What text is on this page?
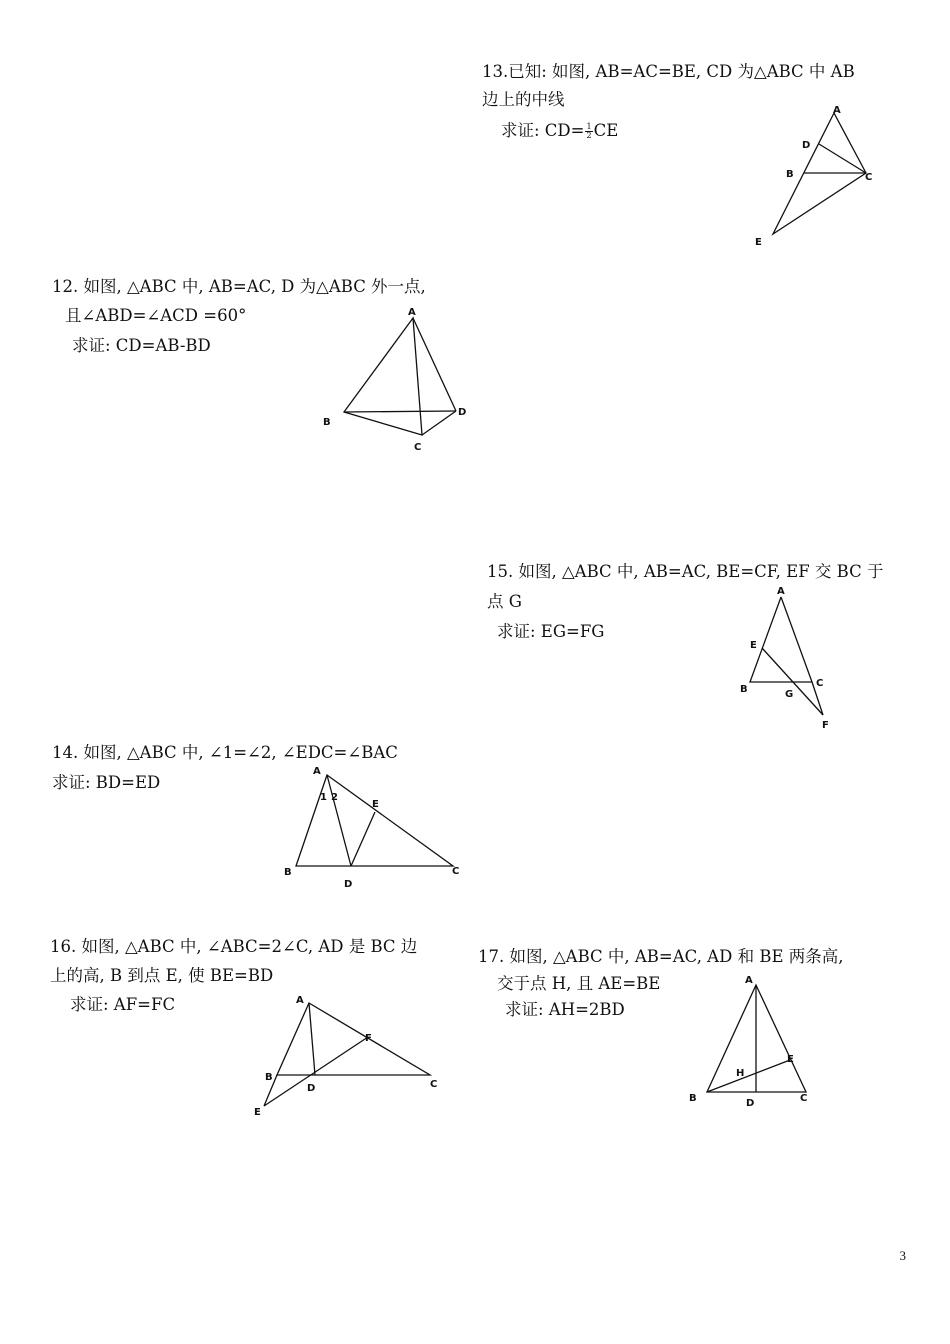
13.已知: 如图, AB=AC=BE, CD 为△ABC 中 AB
边上的中线
求证: $CD= \frac{1}{2}$ CE
A
B	C
D
E
12. 如图, △ABC 中, AB=AC, D 为△ABC 外一点,
且∠ABD=∠ACD =60°
求证: CD=AB-BD
A
B
C
D
15. 如图, △ABC 中, AB=AC, BE=CF, EF 交 BC 于
点 G
求证: EG=FG
A
B
C
E
F
G
14. 如图, △ABC 中, ∠1=∠2, ∠EDC=∠BAC
求证: BD=ED
A
1 2
E
B
D
C
16. 如图, △ABC 中, ∠ABC=2∠C, AD 是 BC 边
上的高, B 到点 E, 使 BE=BD
求证: AF=FC	A
B
D	C
F
E
17. 如图, △ABC 中, AB=AC, AD 和 BE 两条高,
交于点 H, 且 AE=BE
求证: AH=2BD
A
H
E
B	D	C
3
